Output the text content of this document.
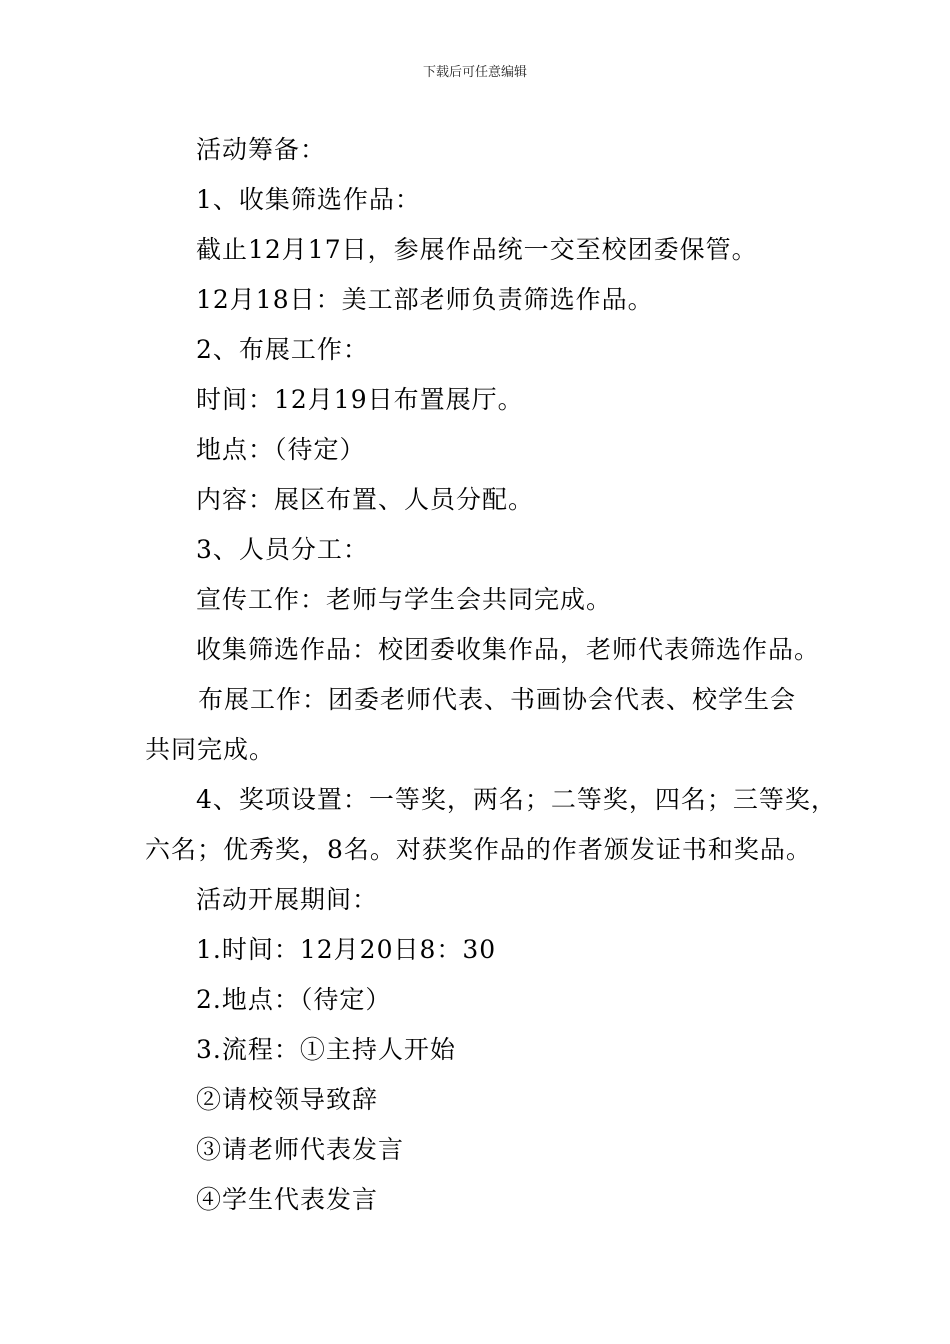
下载后可任意编辑
活动筹备：
1、收集筛选作品：
截止12月17日，参展作品统一交至校团委保管。
12月18日：美工部老师负责筛选作品。
2、布展工作：
时间：12月19日布置展厅。
地点：（待定）
内容：展区布置、人员分配。
3、人员分工：
宣传工作：老师与学生会共同完成。
收集筛选作品：校团委收集作品，老师代表筛选作品。
布展工作：团委老师代表、书画协会代表、校学生会
共同完成。
4、奖项设置：一等奖，两名；二等奖，四名；三等奖，
六名；优秀奖，8名。对获奖作品的作者颁发证书和奖品。
活动开展期间：
1.时间：12月20日8：30
2.地点：（待定）
3.流程：①主持人开始
②请校领导致辞
③请老师代表发言
④学生代表发言
